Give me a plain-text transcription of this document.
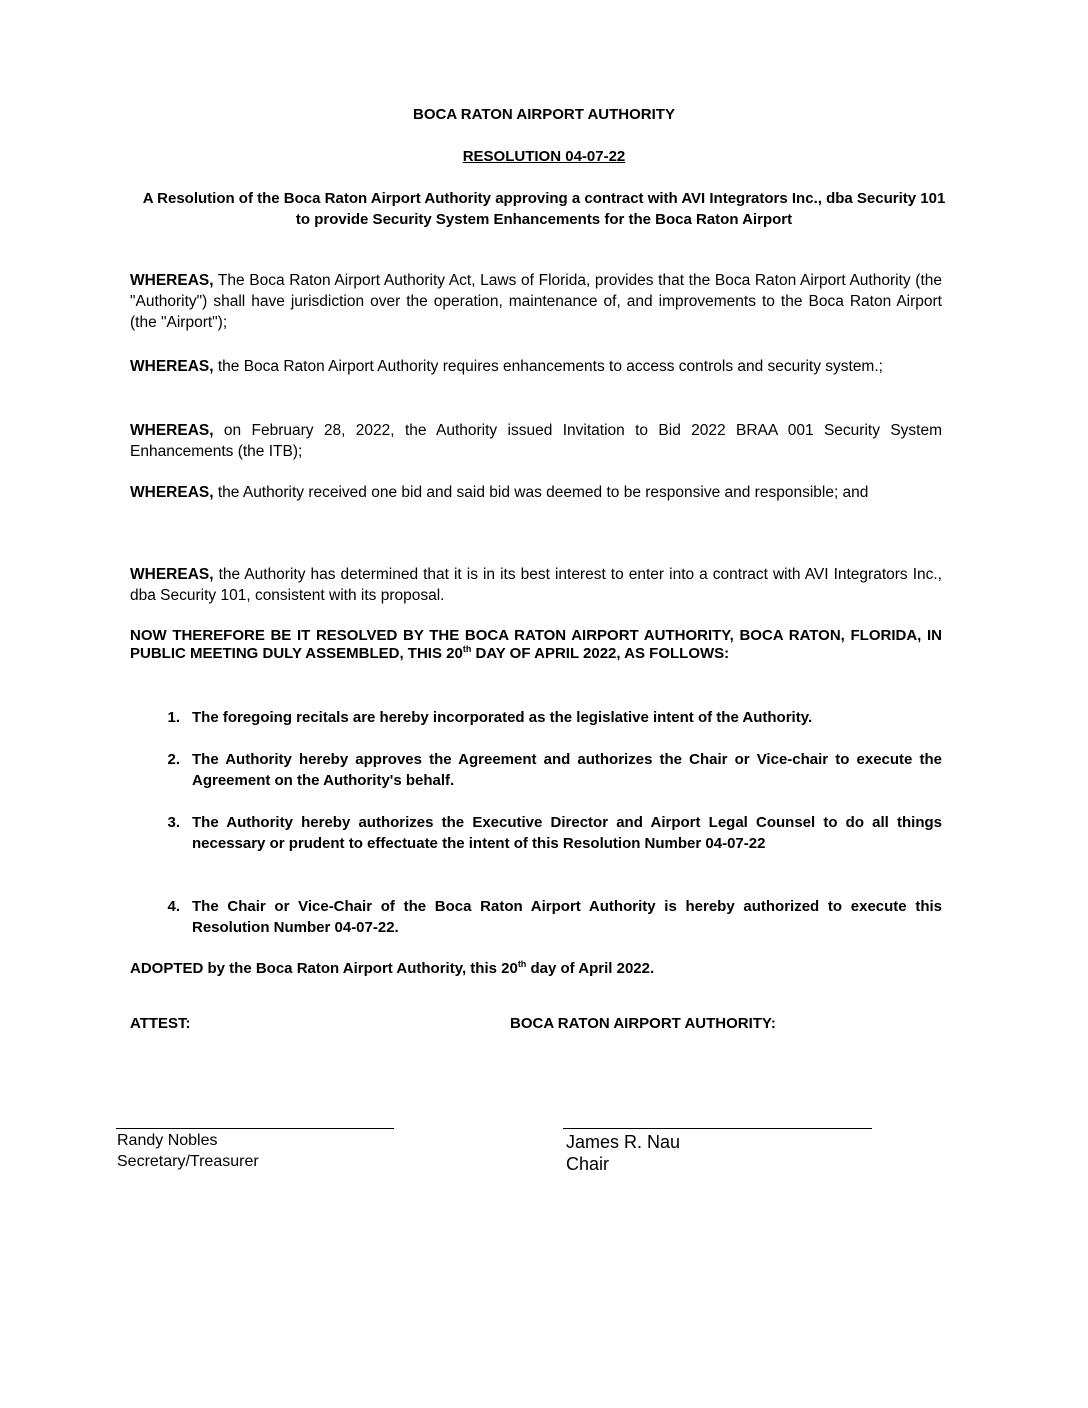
BOCA RATON AIRPORT AUTHORITY
RESOLUTION 04-07-22
A Resolution of the Boca Raton Airport Authority approving a contract with AVI Integrators Inc., dba Security 101 to provide Security System Enhancements for the Boca Raton Airport
WHEREAS, The Boca Raton Airport Authority Act, Laws of Florida, provides that the Boca Raton Airport Authority (the "Authority") shall have jurisdiction over the operation, maintenance of, and improvements to the Boca Raton Airport (the "Airport");
WHEREAS, the Boca Raton Airport Authority requires enhancements to access controls and security system.;
WHEREAS, on February 28, 2022, the Authority issued Invitation to Bid 2022 BRAA 001 Security System Enhancements (the ITB);
WHEREAS, the Authority received one bid and said bid was deemed to be responsive and responsible; and
WHEREAS, the Authority has determined that it is in its best interest to enter into a contract with AVI Integrators Inc., dba Security 101, consistent with its proposal.
NOW THEREFORE BE IT RESOLVED BY THE BOCA RATON AIRPORT AUTHORITY, BOCA RATON, FLORIDA, IN PUBLIC MEETING DULY ASSEMBLED, THIS 20th DAY OF APRIL 2022, AS FOLLOWS:
1. The foregoing recitals are hereby incorporated as the legislative intent of the Authority.
2. The Authority hereby approves the Agreement and authorizes the Chair or Vice-chair to execute the Agreement on the Authority's behalf.
3. The Authority hereby authorizes the Executive Director and Airport Legal Counsel to do all things necessary or prudent to effectuate the intent of this Resolution Number 04-07-22
4. The Chair or Vice-Chair of the Boca Raton Airport Authority is hereby authorized to execute this Resolution Number 04-07-22.
ADOPTED by the Boca Raton Airport Authority, this 20th day of April 2022.
ATTEST:	BOCA RATON AIRPORT AUTHORITY:
Randy Nobles
Secretary/Treasurer
James R. Nau
Chair
